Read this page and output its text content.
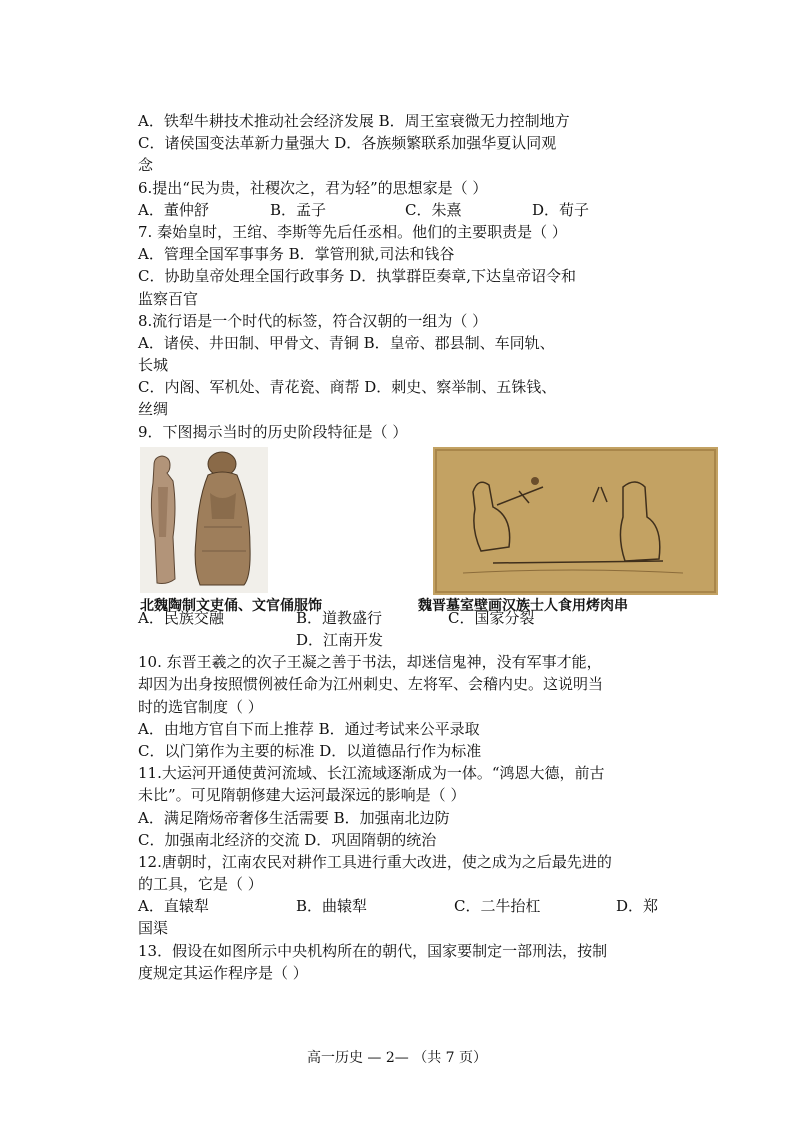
A．铁犁牛耕技术推动社会经济发展 B．周王室衰微无力控制地方
C．诸侯国变法革新力量强大 D．各族频繁联系加强华夏认同观
念
6.提出“民为贵，社稷次之，君为轻”的思想家是（ ）
A．董仲舒	B．孟子	C．朱熹	D．荀子
7. 秦始皇时，王绾、李斯等先后任丞相。他们的主要职责是（ ）
A．管理全国军事事务 B．掌管刑狱,司法和钱谷
C．协助皇帝处理全国行政事务 D．执掌群臣奏章,下达皇帝诏令和
监察百官
8.流行语是一个时代的标签，符合汉朝的一组为（ ）
A．诸侯、井田制、甲骨文、青铜 B．皇帝、郡县制、车同轨、
长城
C．内阁、军机处、青花瓷、商帮 D．刺史、察举制、五铢钱、
丝绸
9．下图揭示当时的历史阶段特征是（ ）
北魏陶制文吏俑、文官俑服饰	魏晋墓室壁画汉族士人食用烤肉串
A．民族交融	B．道教盛行	C．国家分裂
D．江南开发
10. 东晋王羲之的次子王凝之善于书法，却迷信鬼神，没有军事才能，
却因为出身按照惯例被任命为江州刺史、左将军、会稽内史。这说明当
时的选官制度（ ）
A．由地方官自下而上推荐 B．通过考试来公平录取
C．以门第作为主要的标准 D．以道德品行作为标准
11.大运河开通使黄河流域、长江流域逐渐成为一体。“鸿恩大德，前古
未比”。可见隋朝修建大运河最深远的影响是（ ）
A．满足隋炀帝奢侈生活需要 B．加强南北边防
C．加强南北经济的交流 D．巩固隋朝的统治
12.唐朝时，江南农民对耕作工具进行重大改进，使之成为之后最先进的
的工具，它是（ ）
A．直辕犁	B．曲辕犁	C．二牛抬杠	D．郑
国渠
13．假设在如图所示中央机构所在的朝代，国家要制定一部刑法，按制
度规定其运作程序是（ ）
高一历史 — 2— （共 7 页）
